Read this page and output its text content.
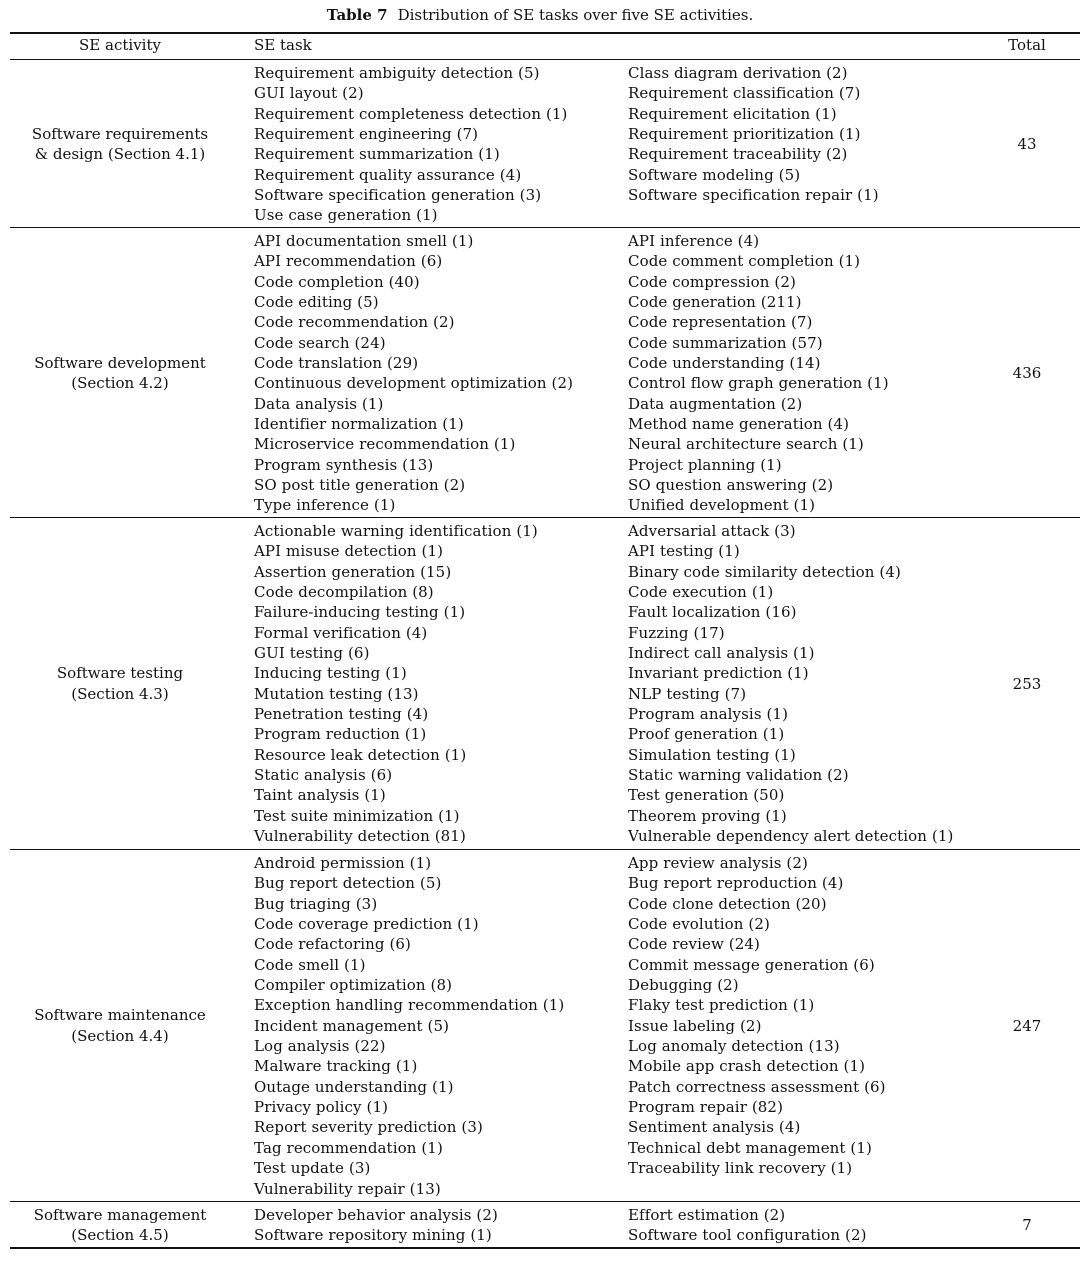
Table 7 Distribution of SE tasks over five SE activities.
SE activity	SE task	Total
Software requirements
& design (Section 4.1)
Requirement ambiguity detection (5)
GUI layout (2)
Requirement completeness detection (1)
Requirement engineering (7)
Requirement summarization (1)
Requirement quality assurance (4)
Software specification generation (3)
Use case generation (1)
Class diagram derivation (2)
Requirement classification (7)
Requirement elicitation (1)
Requirement prioritization (1)
Requirement traceability (2)
Software modeling (5)
Software specification repair (1)
43
Software development
(Section 4.2)
API documentation smell (1)
API recommendation (6)
Code completion (40)
Code editing (5)
Code recommendation (2)
Code search (24)
Code translation (29)
Continuous development optimization (2)
Data analysis (1)
Identifier normalization (1)
Microservice recommendation (1)
Program synthesis (13)
SO post title generation (2)
Type inference (1)
API inference (4)
Code comment completion (1)
Code compression (2)
Code generation (211)
Code representation (7)
Code summarization (57)
Code understanding (14)
Control flow graph generation (1)
Data augmentation (2)
Method name generation (4)
Neural architecture search (1)
Project planning (1)
SO question answering (2)
Unified development (1)
436
Software testing
(Section 4.3)
Actionable warning identification (1)
API misuse detection (1)
Assertion generation (15)
Code decompilation (8)
Failure-inducing testing (1)
Formal verification (4)
GUI testing (6)
Inducing testing (1)
Mutation testing (13)
Penetration testing (4)
Program reduction (1)
Resource leak detection (1)
Static analysis (6)
Taint analysis (1)
Test suite minimization (1)
Vulnerability detection (81)
Adversarial attack (3)
API testing (1)
Binary code similarity detection (4)
Code execution (1)
Fault localization (16)
Fuzzing (17)
Indirect call analysis (1)
Invariant prediction (1)
NLP testing (7)
Program analysis (1)
Proof generation (1)
Simulation testing (1)
Static warning validation (2)
Test generation (50)
Theorem proving (1)
Vulnerable dependency alert detection (1)
253
Software maintenance
(Section 4.4)
Android permission (1)
Bug report detection (5)
Bug triaging (3)
Code coverage prediction (1)
Code refactoring (6)
Code smell (1)
Compiler optimization (8)
Exception handling recommendation (1)
Incident management (5)
Log analysis (22)
Malware tracking (1)
Outage understanding (1)
Privacy policy (1)
Report severity prediction (3)
Tag recommendation (1)
Test update (3)
Vulnerability repair (13)
App review analysis (2)
Bug report reproduction (4)
Code clone detection (20)
Code evolution (2)
Code review (24)
Commit message generation (6)
Debugging (2)
Flaky test prediction (1)
Issue labeling (2)
Log anomaly detection (13)
Mobile app crash detection (1)
Patch correctness assessment (6)
Program repair (82)
Sentiment analysis (4)
Technical debt management (1)
Traceability link recovery (1)
247
Software management
(Section 4.5)
Developer behavior analysis (2)
Software repository mining (1)
Effort estimation (2)
Software tool configuration (2)
7
